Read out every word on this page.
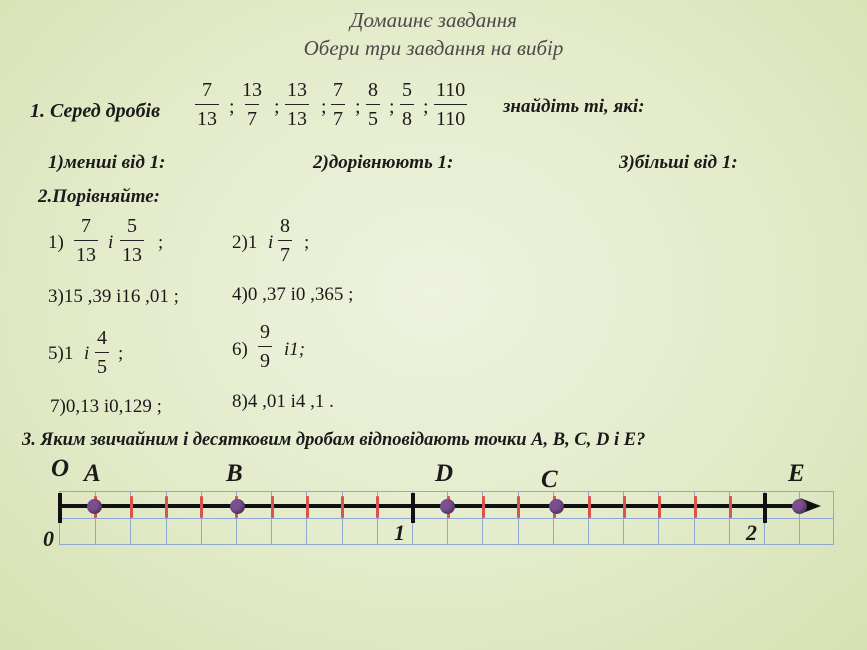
Домашнє завдання
Обери три завдання на вибір
1. Серед дробів $\frac{7}{13}$ ; $\frac{13}{7}$ ; $\frac{13}{13}$ ; $\frac{7}{7}$ ; $\frac{8}{5}$ ; $\frac{5}{8}$ ; $\frac{110}{110}$ знайдіть ті, які:
1)менші від 1:	2)дорівнюють 1:	3)більші від 1:
2.Порівняйте:
$1) \frac{7}{13}$ і $\frac{5}{13}$ ;	2)1 і $\frac{8}{7}$ ;
3)15 ,39 і16 ,01 ;	4)0 ,37 і0 ,365 ;
5)1 і $\frac{4}{5}$ ;	$6) \frac{9}{9} і1$;
7)0,13 і0,129 ;	8)4 ,01 і4 ,1 .
3. Яким звичайним і десятковим дробам відповідають точки A, B, C, D і E?
O
0	1	2
A	B	D	C	E
